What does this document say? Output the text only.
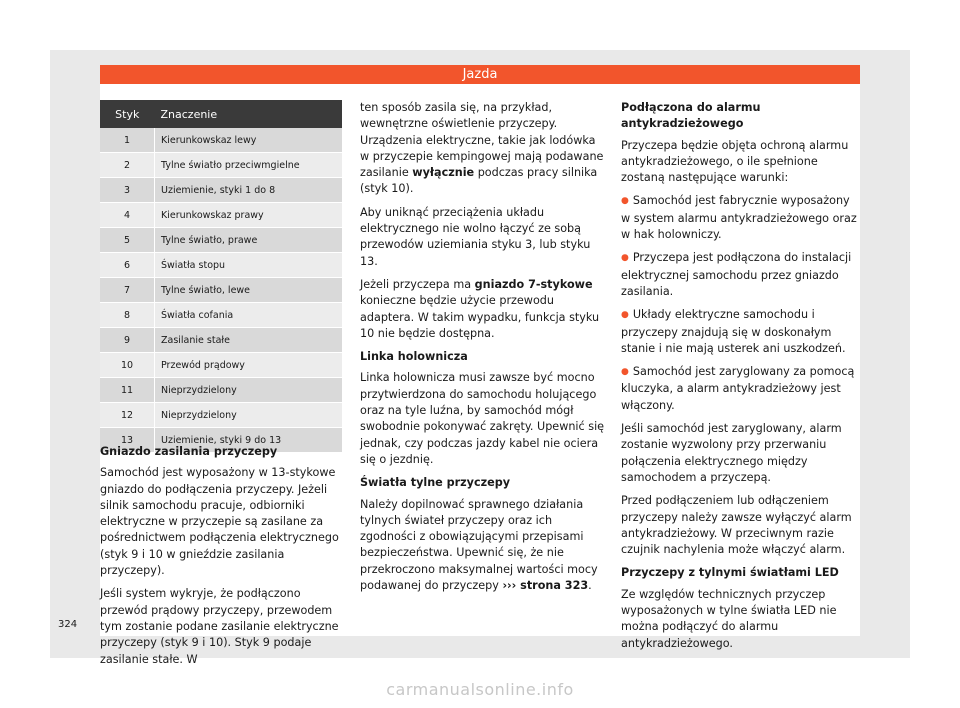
Jazda
Styk	Znaczenie
1	Kierunkowskaz lewy
2	Tylne światło przeciwmgielne
3	Uziemienie, styki 1 do 8
4	Kierunkowskaz prawy
5	Tylne światło, prawe
6	Światła stopu
7	Tylne światło, lewe
8	Światła cofania
9	Zasilanie stałe
10	Przewód prądowy
11	Nieprzydzielony
12	Nieprzydzielony
13	Uziemienie, styki 9 do 13
Gniazdo zasilania przyczepy

Samochód jest wyposażony w 13-stykowe gniazdo do podłączenia przyczepy. Jeżeli silnik samochodu pracuje, odbiorniki elektryczne w przyczepie są zasilane za pośrednictwem podłączenia elektrycznego (styk 9 i 10 w gnieździe zasilania przyczepy).

Jeśli system wykryje, że podłączono przewód prądowy przyczepy, przewodem tym zostanie podane zasilanie elektryczne przyczepy (styk 9 i 10). Styk 9 podaje zasilanie stałe. W

ten sposób zasila się, na przykład, wewnętrzne oświetlenie przyczepy. Urządzenia elektryczne, takie jak lodówka w przyczepie kempingowej mają podawane zasilanie wyłącznie podczas pracy silnika (styk 10).

Aby uniknąć przeciążenia układu elektrycznego nie wolno łączyć ze sobą przewodów uziemiania styku 3, lub styku 13.

Jeżeli przyczepa ma gniazdo 7-stykowe konieczne będzie użycie przewodu adaptera. W takim wypadku, funkcja styku 10 nie będzie dostępna.

Linka holownicza

Linka holownicza musi zawsze być mocno przytwierdzona do samochodu holującego oraz na tyle luźna, by samochód mógł swobodnie pokonywać zakręty. Upewnić się jednak, czy podczas jazdy kabel nie ociera się o jezdnię.

Światła tylne przyczepy

Należy dopilnować sprawnego działania tylnych świateł przyczepy oraz ich zgodności z obowiązującymi przepisami bezpieczeństwa. Upewnić się, że nie przekroczono maksymalnej wartości mocy podawanej do przyczepy ››› strona 323.

Podłączona do alarmu antykradzieżowego

Przyczepa będzie objęta ochroną alarmu antykradzieżowego, o ile spełnione zostaną następujące warunki:

● Samochód jest fabrycznie wyposażony w system alarmu antykradzieżowego oraz w hak holowniczy.

● Przyczepa jest podłączona do instalacji elektrycznej samochodu przez gniazdo zasilania.

● Układy elektryczne samochodu i przyczepy znajdują się w doskonałym stanie i nie mają usterek ani uszkodzeń.

● Samochód jest zaryglowany za pomocą kluczyka, a alarm antykradzieżowy jest włączony.

Jeśli samochód jest zaryglowany, alarm zostanie wyzwolony przy przerwaniu połączenia elektrycznego między samochodem a przyczepą.

Przed podłączeniem lub odłączeniem przyczepy należy zawsze wyłączyć alarm antykradzieżowy. W przeciwnym razie czujnik nachylenia może włączyć alarm.

Przyczepy z tylnymi światłami LED

Ze względów technicznych przyczep wyposażonych w tylne światła LED nie można podłączyć do alarmu antykradzieżowego.

324
carmanualsonline.info
